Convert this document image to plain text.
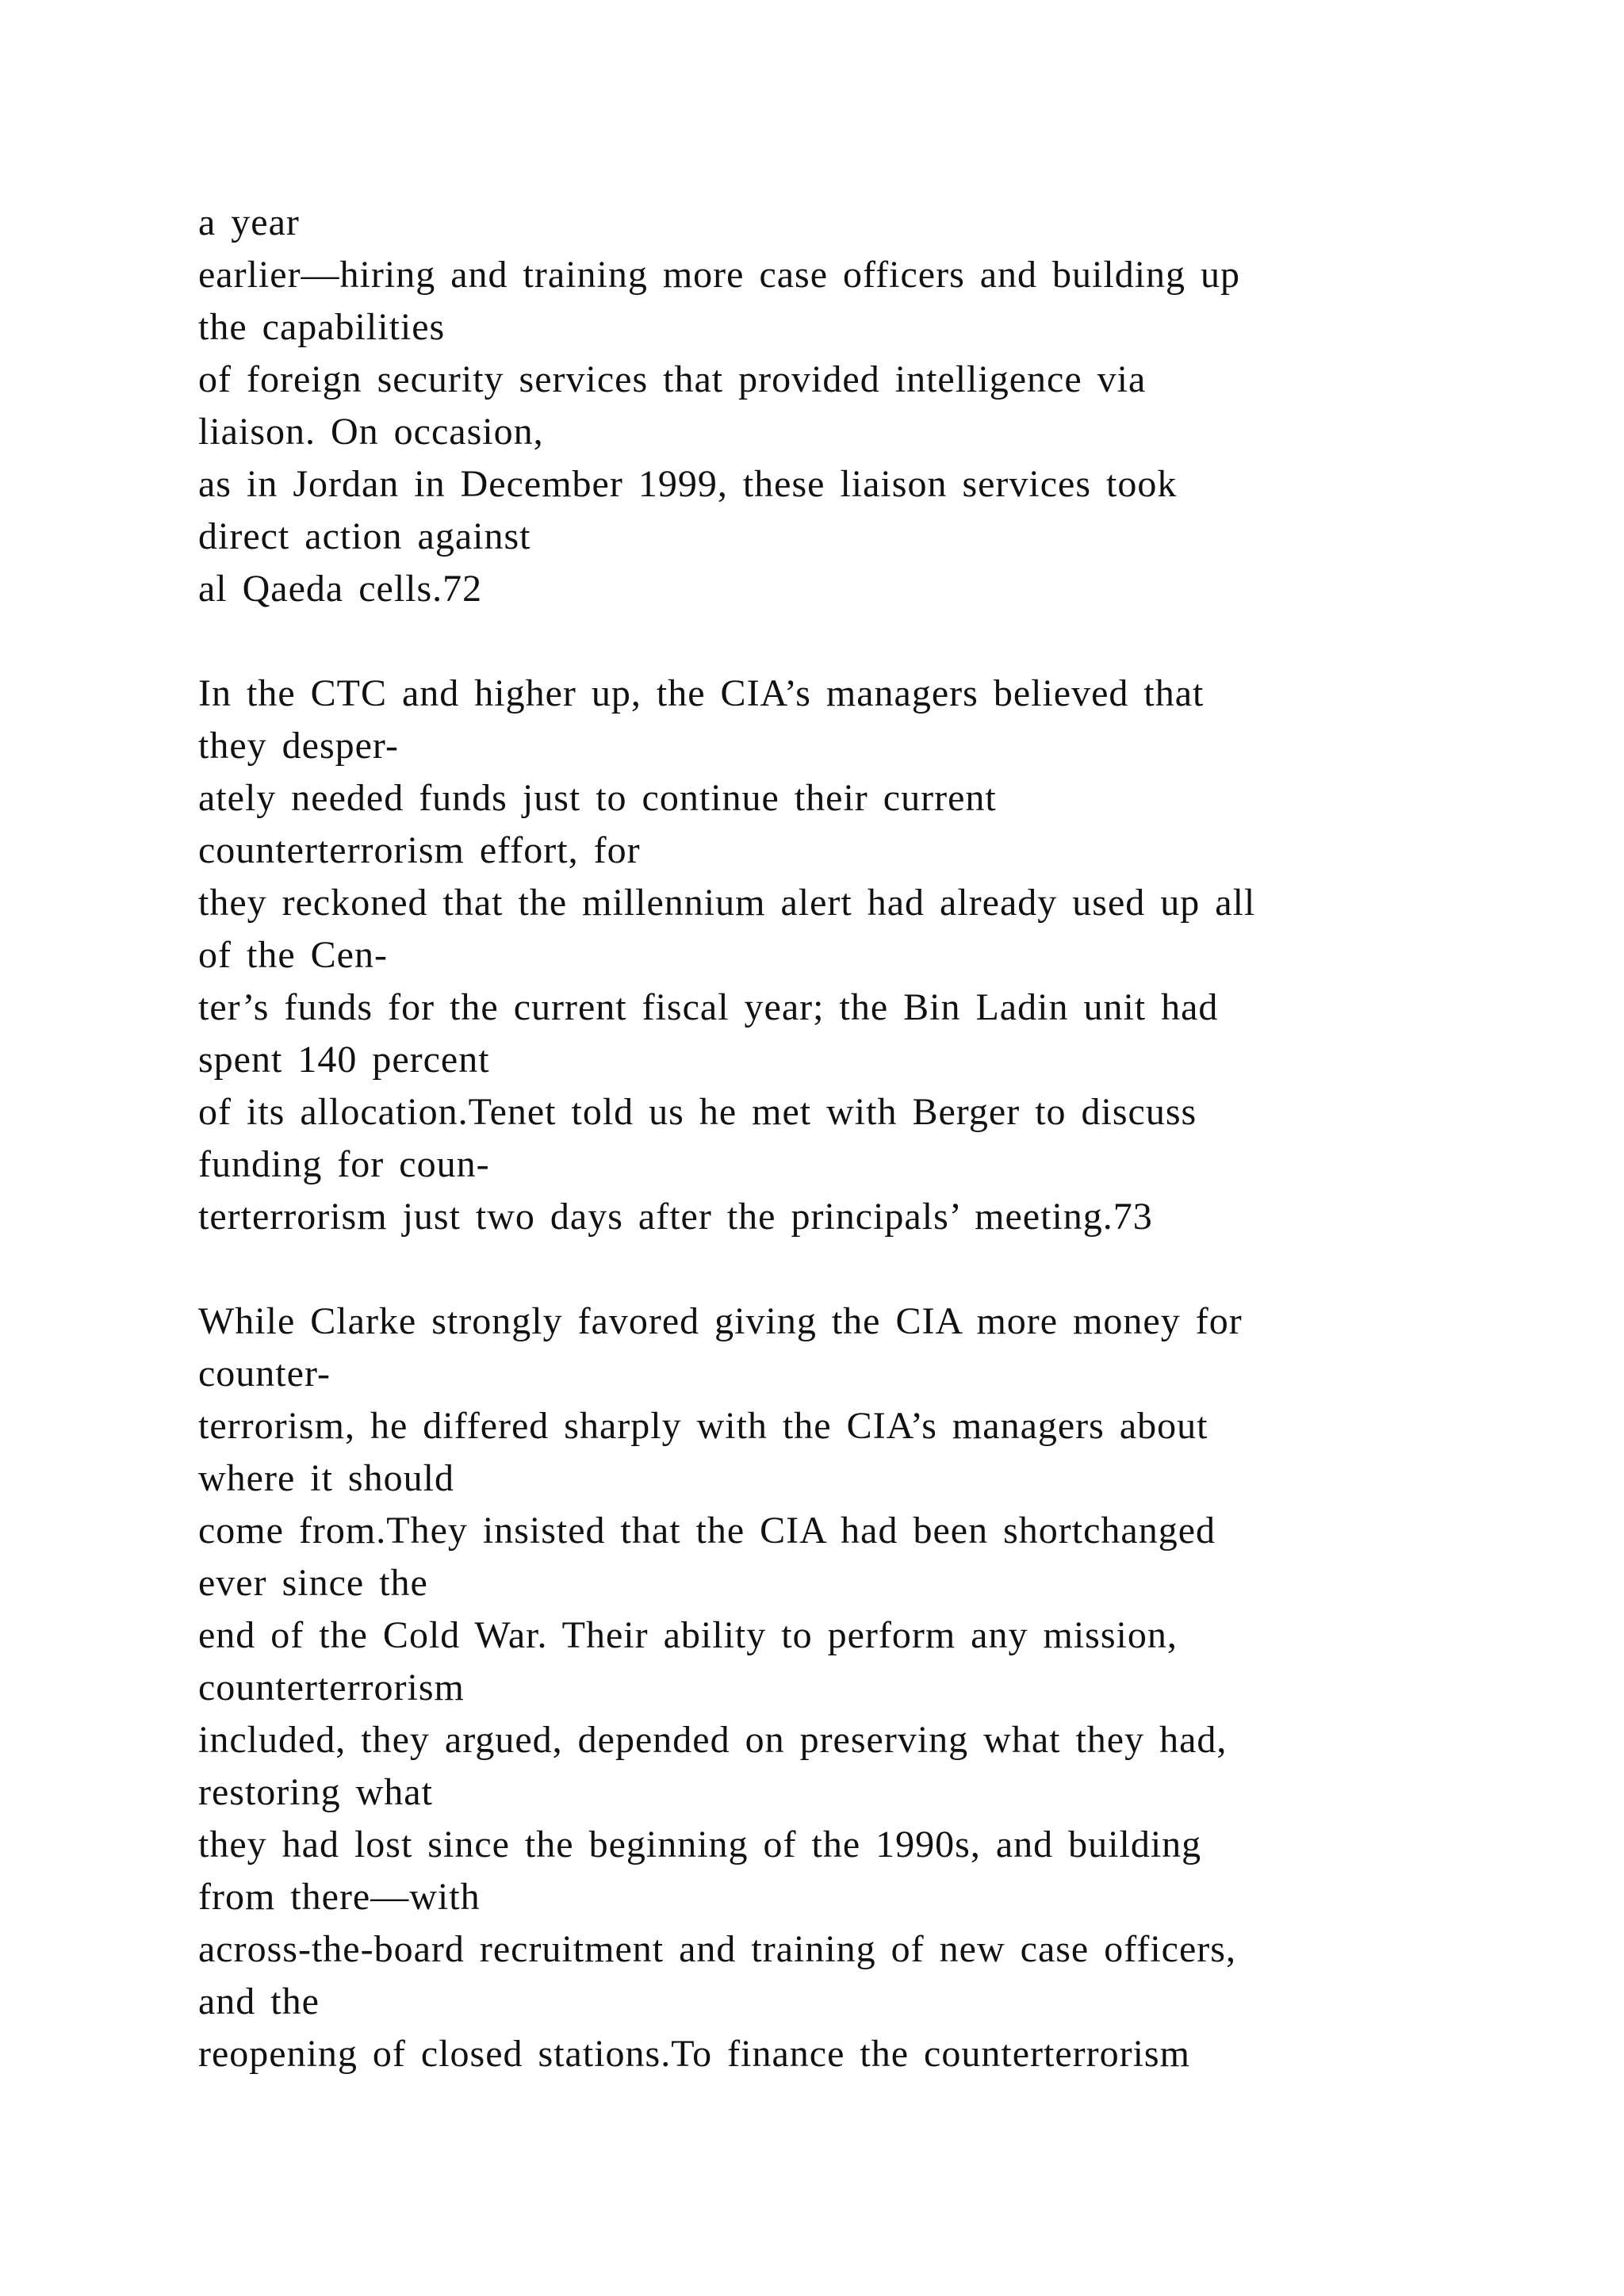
a year
earlier—hiring and training more case officers and building up
the capabilities
of foreign security services that provided intelligence via
liaison. On occasion,
as in Jordan in December 1999, these liaison services took
direct action against
al Qaeda cells.72
In the CTC and higher up, the CIA’s managers believed that
they desper-
ately needed funds just to continue their current
counterterrorism effort, for
they reckoned that the millennium alert had already used up all
of the Cen-
ter’s funds for the current fiscal year; the Bin Ladin unit had
spent 140 percent
of its allocation.Tenet told us he met with Berger to discuss
funding for coun-
terterrorism just two days after the principals’ meeting.73
While Clarke strongly favored giving the CIA more money for
counter-
terrorism, he differed sharply with the CIA’s managers about
where it should
come from.They insisted that the CIA had been shortchanged
ever since the
end of the Cold War. Their ability to perform any mission,
counterterrorism
included, they argued, depended on preserving what they had,
restoring what
they had lost since the beginning of the 1990s, and building
from there—with
across-the-board recruitment and training of new case officers,
and the
reopening of closed stations.To finance the counterterrorism
